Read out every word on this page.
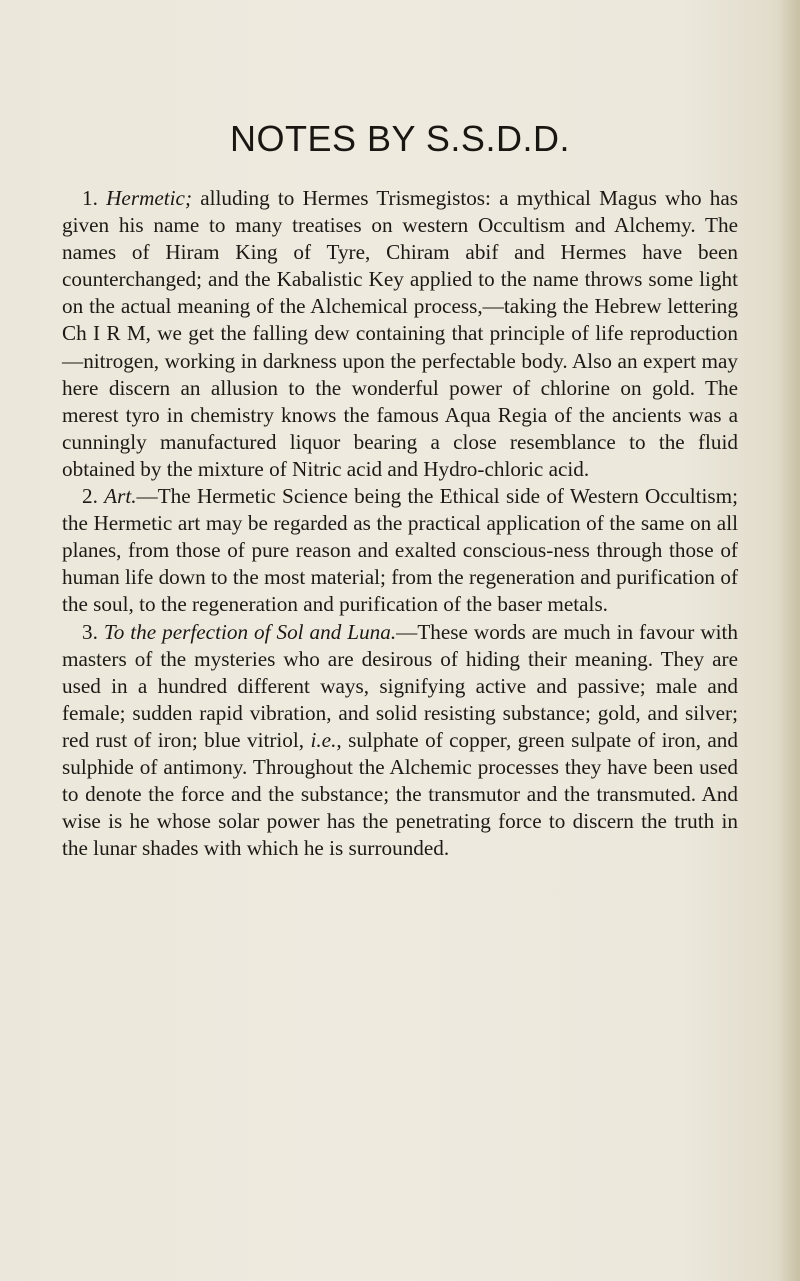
NOTES BY S.S.D.D.

1. Hermetic; alluding to Hermes Trismegistos: a mythical Magus who has given his name to many treatises on western Occultism and Alchemy. The names of Hiram King of Tyre, Chiram abif and Hermes have been counterchanged; and the Kabalistic Key applied to the name throws some light on the actual meaning of the Alchemical process,—taking the Hebrew lettering Ch I R M, we get the falling dew containing that principle of life reproduction—nitrogen, working in darkness upon the perfectable body. Also an expert may here discern an allusion to the wonderful power of chlorine on gold. The merest tyro in chemistry knows the famous Aqua Regia of the ancients was a cunningly manufactured liquor bearing a close resemblance to the fluid obtained by the mixture of Nitric acid and Hydro-chloric acid.

2. Art.—The Hermetic Science being the Ethical side of Western Occultism; the Hermetic art may be regarded as the practical application of the same on all planes, from those of pure reason and exalted conscious-ness through those of human life down to the most material; from the regeneration and purification of the soul, to the regeneration and purification of the baser metals.

3. To the perfection of Sol and Luna.—These words are much in favour with masters of the mysteries who are desirous of hiding their meaning. They are used in a hundred different ways, signifying active and passive; male and female; sudden rapid vibration, and solid resisting substance; gold, and silver; red rust of iron; blue vitriol, i.e., sulphate of copper, green sulpate of iron, and sulphide of antimony. Throughout the Alchemic processes they have been used to denote the force and the substance; the transmutor and the transmuted. And wise is he whose solar power has the penetrating force to discern the truth in the lunar shades with which he is surrounded.
